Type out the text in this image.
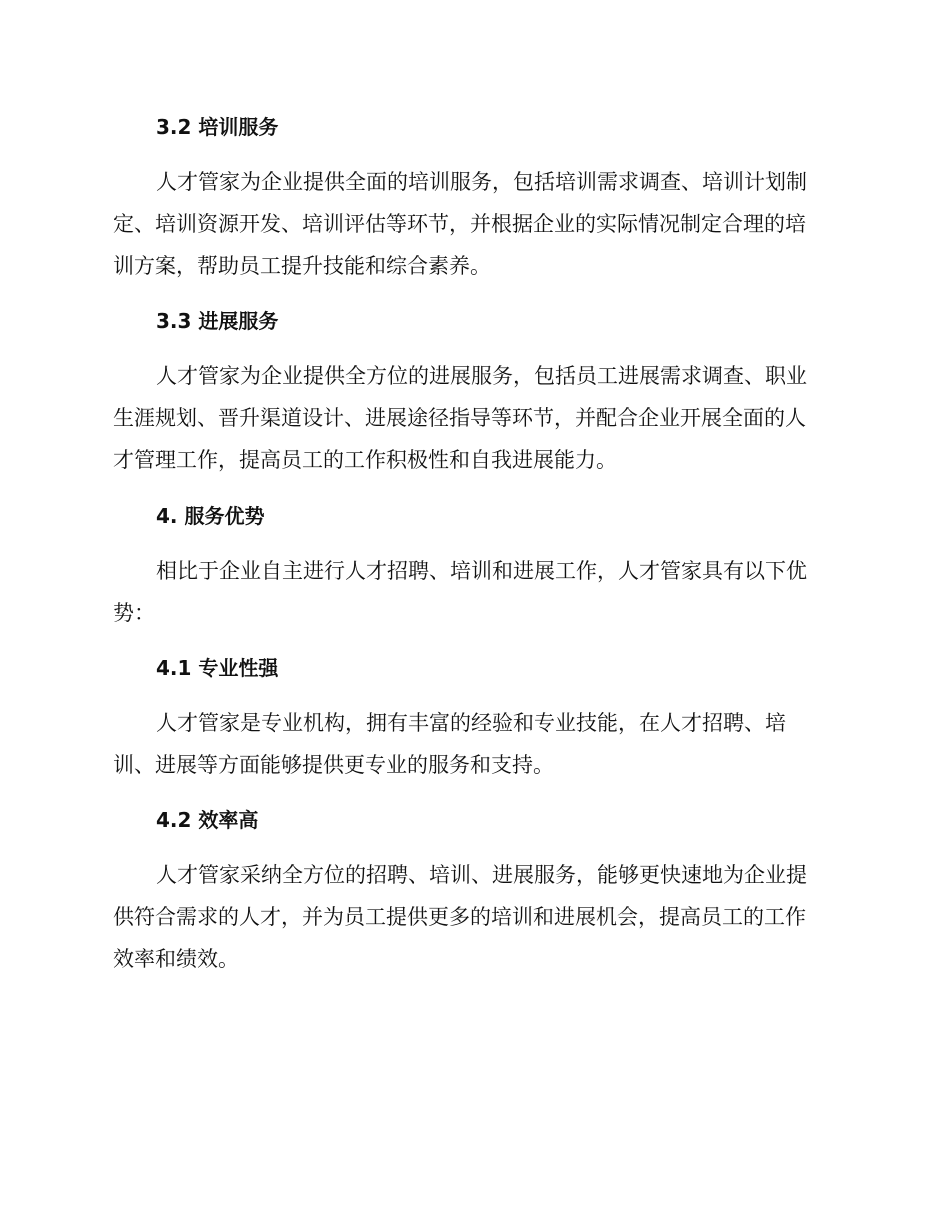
3.2 培训服务
人才管家为企业提供全面的培训服务，包括培训需求调查、培训计划制
定、培训资源开发、培训评估等环节，并根据企业的实际情况制定合理的培
训方案，帮助员工提升技能和综合素养。
3.3 进展服务
人才管家为企业提供全方位的进展服务，包括员工进展需求调查、职业
生涯规划、晋升渠道设计、进展途径指导等环节，并配合企业开展全面的人
才管理工作，提高员工的工作积极性和自我进展能力。
4. 服务优势
相比于企业自主进行人才招聘、培训和进展工作，人才管家具有以下优
势：
4.1 专业性强
人才管家是专业机构，拥有丰富的经验和专业技能，在人才招聘、培
训、进展等方面能够提供更专业的服务和支持。
4.2 效率高
人才管家采纳全方位的招聘、培训、进展服务，能够更快速地为企业提
供符合需求的人才，并为员工提供更多的培训和进展机会，提高员工的工作
效率和绩效。
